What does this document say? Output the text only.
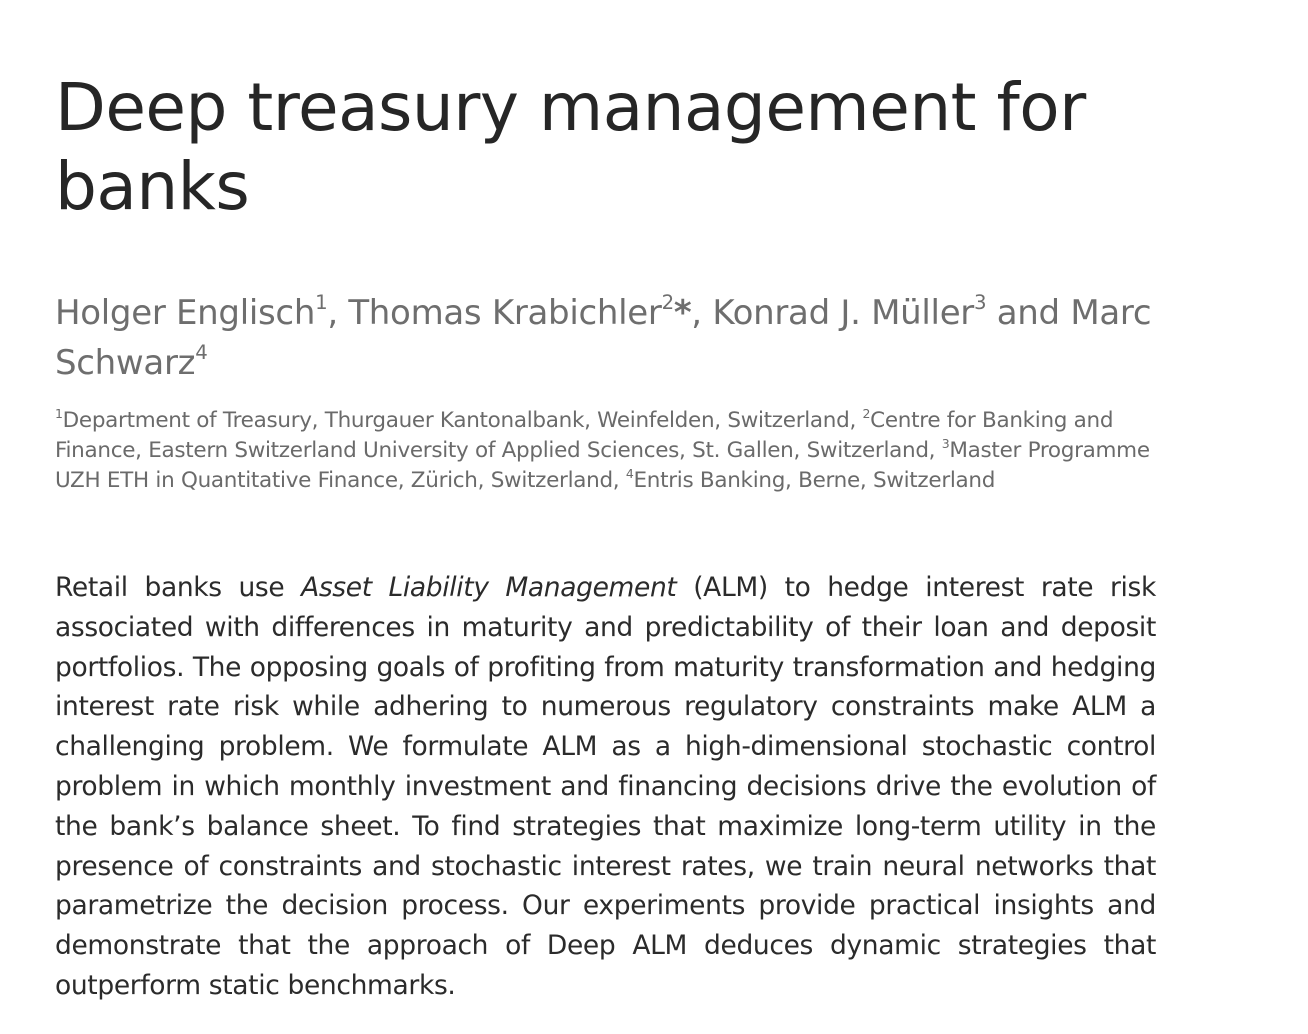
Deep treasury management for banks

Holger Englisch$^1$, Thomas Krabichler$^2$*, Konrad J. Müller$^3$ and Marc Schwarz$^4$

$^1$Department of Treasury, Thurgauer Kantonalbank, Weinfelden, Switzerland, $^2$Centre for Banking and Finance, Eastern Switzerland University of Applied Sciences, St. Gallen, Switzerland, $^3$Master Programme UZH ETH in Quantitative Finance, Zürich, Switzerland, $^4$Entris Banking, Berne, Switzerland

Retail banks use Asset Liability Management (ALM) to hedge interest rate risk associated with differences in maturity and predictability of their loan and deposit portfolios. The opposing goals of profiting from maturity transformation and hedging interest rate risk while adhering to numerous regulatory constraints make ALM a challenging problem. We formulate ALM as a high-dimensional stochastic control problem in which monthly investment and financing decisions drive the evolution of the bank’s balance sheet. To find strategies that maximize long-term utility in the presence of constraints and stochastic interest rates, we train neural networks that parametrize the decision process. Our experiments provide practical insights and demonstrate that the approach of Deep ALM deduces dynamic strategies that outperform static benchmarks.
